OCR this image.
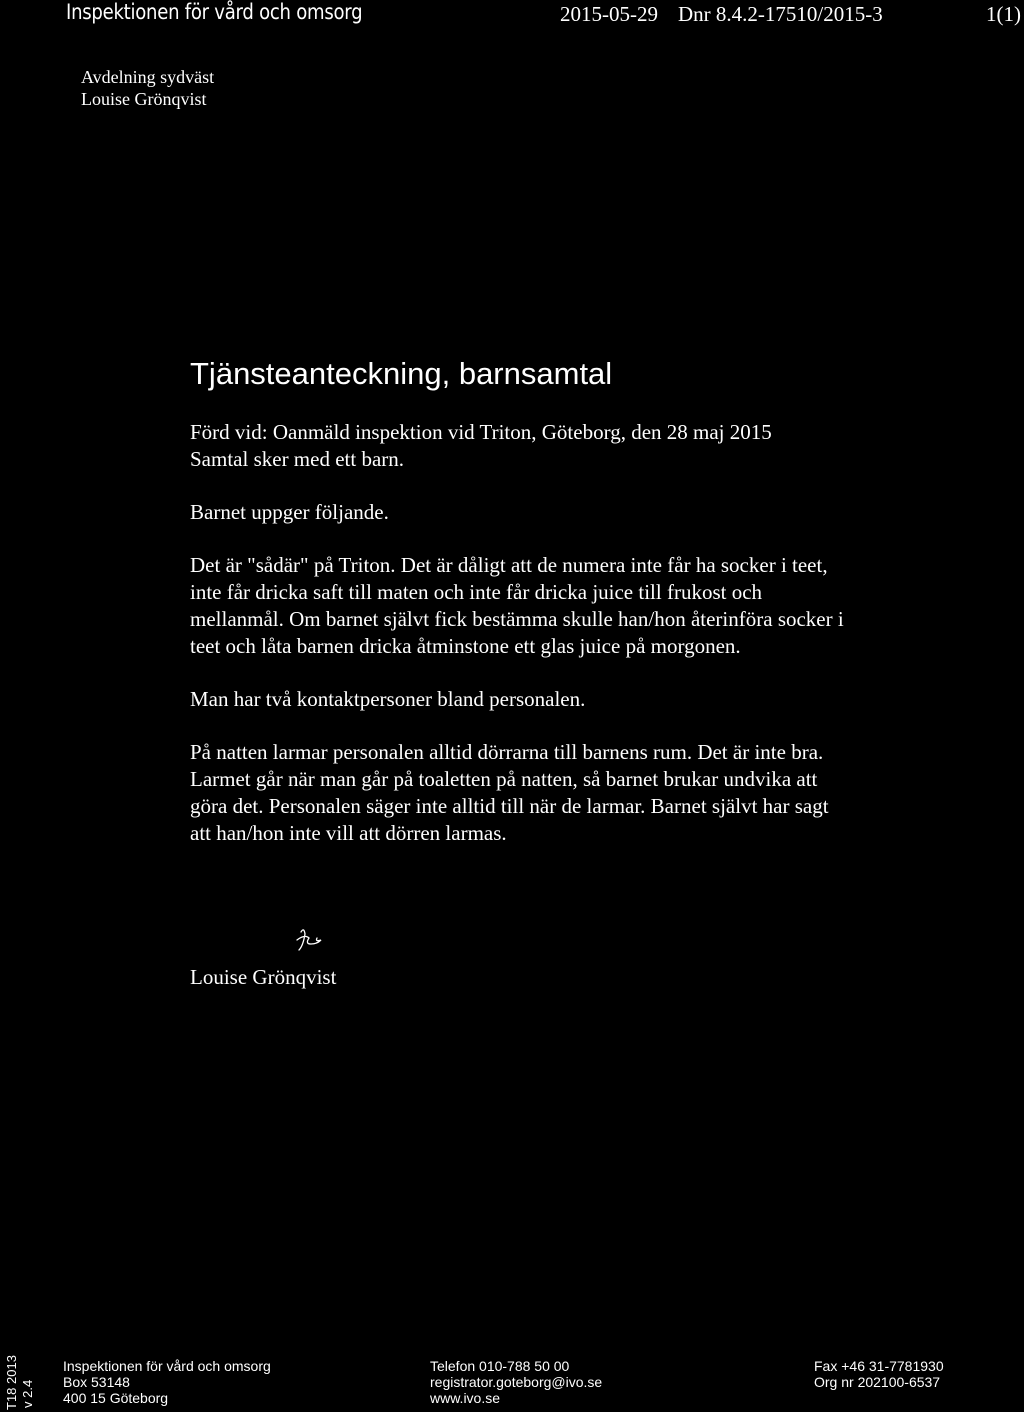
Inspektionen för vård och omsorg	2015-05-29 Dnr 8.4.2-17510/2015-3	1(1)
Avdelning sydväst
Louise Grönqvist
Tjänsteanteckning, barnsamtal

Förd vid: Oanmäld inspektion vid Triton, Göteborg, den 28 maj 2015

Samtal sker med ett barn.

Barnet uppger följande.

Det är "sådär" på Triton. Det är dåligt att de numera inte får ha socker i teet, inte får dricka saft till maten och inte får dricka juice till frukost och mellanmål. Om barnet självt fick bestämma skulle han/hon återinföra socker i teet och låta barnen dricka åtminstone ett glas juice på morgonen.

Man har två kontaktpersoner bland personalen.

På natten larmar personalen alltid dörrarna till barnens rum. Det är inte bra. Larmet går när man går på toaletten på natten, så barnet brukar undvika att göra det. Personalen säger inte alltid till när de larmar. Barnet självt har sagt att han/hon inte vill att dörren larmas.

Louise Grönqvist
T18 2013 v 2.4
Inspektionen för vård och omsorg
Box 53148
400 15 Göteborg
Telefon 010-788 50 00
registrator.goteborg@ivo.se
www.ivo.se
Fax +46 31-7781930
Org nr 202100-6537
